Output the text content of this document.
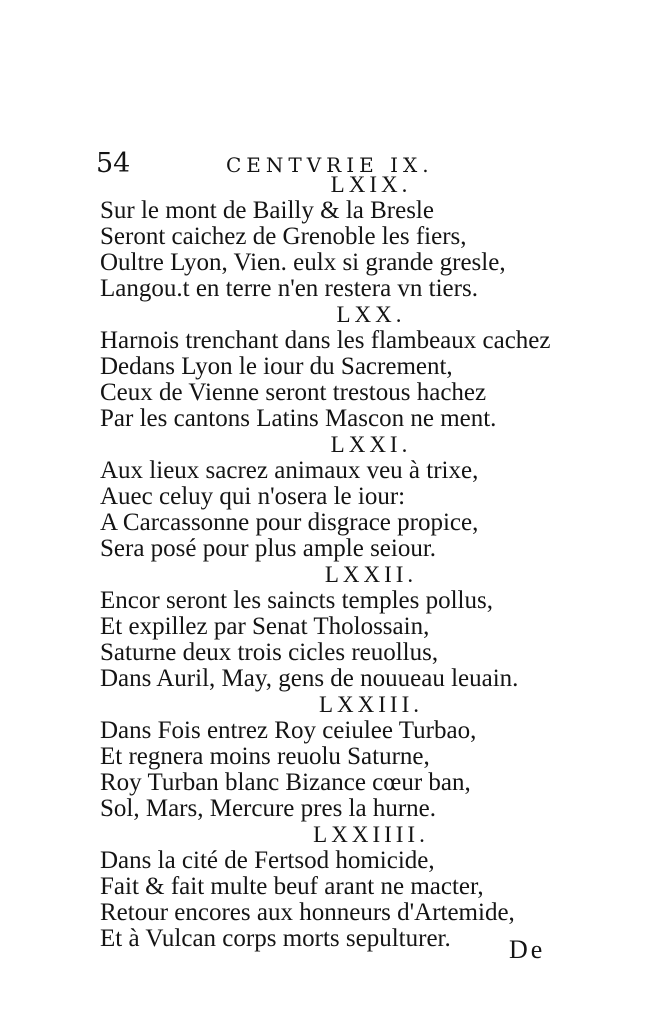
54	CENTVRIE IX.
LXIX.
Sur le mont de Bailly & la Bresle
Seront caichez de Grenoble les fiers,
Oultre Lyon, Vien. eulx si grande gresle,
Langou.t en terre n'en restera vn tiers.
LXX.
Harnois trenchant dans les flambeaux cachez
Dedans Lyon le iour du Sacrement,
Ceux de Vienne seront trestous hachez
Par les cantons Latins Mascon ne ment.
LXXI.
Aux lieux sacrez animaux veu à trixe,
Auec celuy qui n'osera le iour:
A Carcassonne pour disgrace propice,
Sera posé pour plus ample seiour.
LXXII.
Encor seront les saincts temples pollus,
Et expillez par Senat Tholossain,
Saturne deux trois cicles reuollus,
Dans Auril, May, gens de nouueau leuain.
LXXIII.
Dans Fois entrez Roy ceiulee Turbao,
Et regnera moins reuolu Saturne,
Roy Turban blanc Bizance cœur ban,
Sol, Mars, Mercure pres la hurne.
LXXIIII.
Dans la cité de Fertsod homicide,
Fait & fait multe beuf arant ne macter,
Retour encores aux honneurs d'Artemide,
Et à Vulcan corps morts sepulturer.	De
